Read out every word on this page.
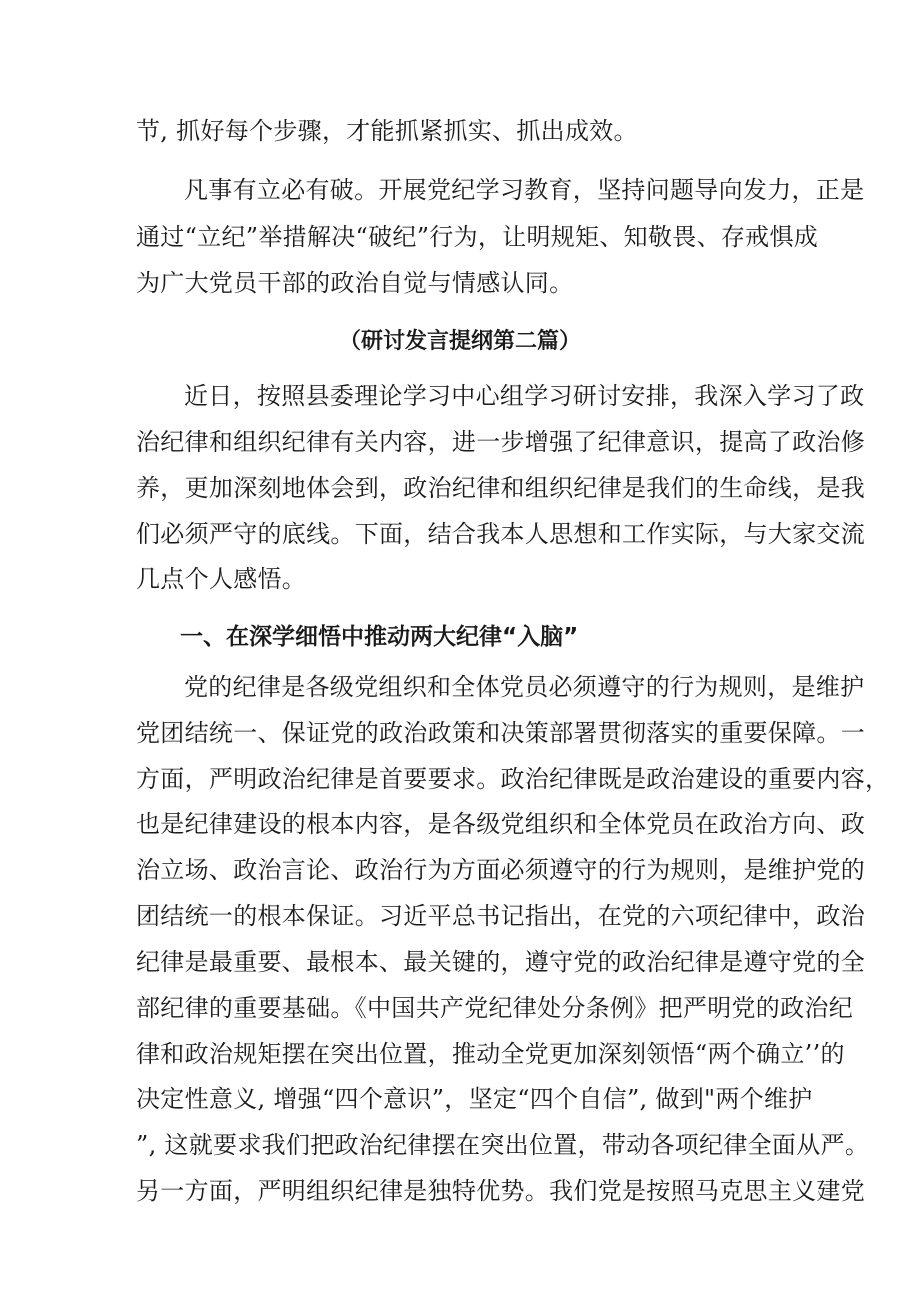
节, 抓好每个步骤，才能抓紧抓实、抓出成效。
凡事有立必有破。开展党纪学习教育，坚持问题导向发力，正是
通过“立纪”举措解决“破纪”行为，让明规矩、知敬畏、存戒惧成
为广大党员干部的政治自觉与情感认同。
（研讨发言提纲第二篇）
近日，按照县委理论学习中心组学习研讨安排，我深入学习了政
治纪律和组织纪律有关内容，进一步增强了纪律意识，提高了政治修
养，更加深刻地体会到，政治纪律和组织纪律是我们的生命线，是我
们必须严守的底线。下面，结合我本人思想和工作实际，与大家交流
几点个人感悟。
一、在深学细悟中推动两大纪律“入脑”
党的纪律是各级党组织和全体党员必须遵守的行为规则，是维护
党团结统一、保证党的政治政策和决策部署贯彻落实的重要保障。一
方面，严明政治纪律是首要要求。政治纪律既是政治建设的重要内容，
也是纪律建设的根本内容，是各级党组织和全体党员在政治方向、政
治立场、政治言论、政治行为方面必须遵守的行为规则，是维护党的
团结统一的根本保证。习近平总书记指出，在党的六项纪律中，政治
纪律是最重要、最根本、最关键的，遵守党的政治纪律是遵守党的全
部纪律的重要基础。《中国共产党纪律处分条例》把严明党的政治纪
律和政治规矩摆在突出位置，推动全党更加深刻领悟“两个确立’’的
决定性意义, 增强“四个意识”，坚定“四个自信”, 做到"两个维护
”, 这就要求我们把政治纪律摆在突出位置，带动各项纪律全面从严。
另一方面，严明组织纪律是独特优势。我们党是按照马克思主义建党
